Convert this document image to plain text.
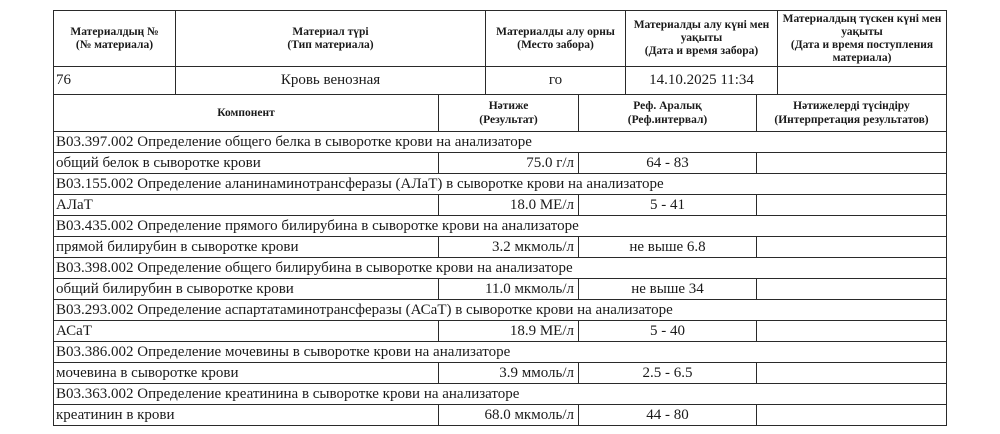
Материалдың №
(№ материала)

Материал түрі
(Тип материала)

Материалды алу орны
(Место забора)

Материалды алу күні мен уақыты
(Дата и время забора)

Материалдың түскен күні мен уақыты
(Дата и время поступления материала)

76	Кровь венозная	го	14.10.2025 11:34	
Компонент

Нәтиже
(Результат)

Реф. Аралық
(Реф.интервал)

Нәтижелерді түсіндіру
(Интерпретация результатов)

B03.397.002 Определение общего белка в сыворотке крови на анализаторе			
общий белок в сыворотке крови	75.0 г/л	64 - 83	
B03.155.002 Определение аланинаминотрансферазы (АЛаТ) в сыворотке крови на анализаторе			
АЛаТ	18.0 МЕ/л	5 - 41	
B03.435.002 Определение прямого билирубина в сыворотке крови на анализаторе			
прямой билирубин в сыворотке крови	3.2 мкмоль/л	не выше 6.8	
B03.398.002 Определение общего билирубина в сыворотке крови на анализаторе			
общий билирубин в сыворотке крови	11.0 мкмоль/л	не выше 34	
B03.293.002 Определение аспартатаминотрансферазы (АСаТ) в сыворотке крови на анализаторе			
АСаТ	18.9 МЕ/л	5 - 40	
B03.386.002 Определение мочевины в сыворотке крови на анализаторе			
мочевина в сыворотке крови	3.9 ммоль/л	2.5 - 6.5	
B03.363.002 Определение креатинина в сыворотке крови на анализаторе			
креатинин в крови	68.0 мкмоль/л	44 - 80	
